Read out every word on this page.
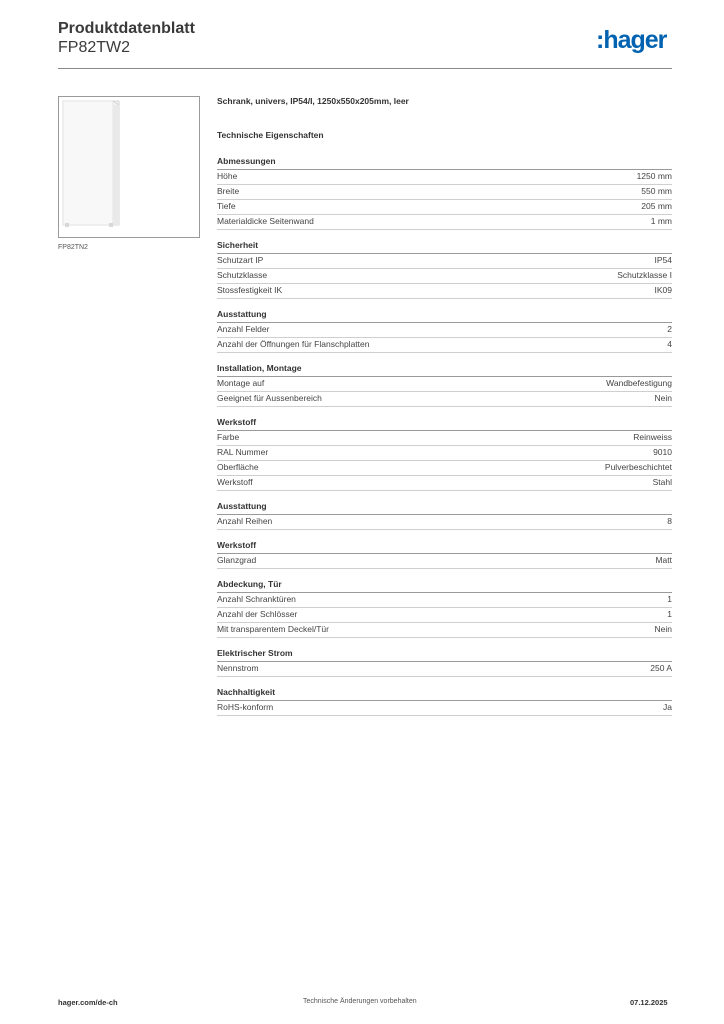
Produktdatenblatt
FP82TW2	:hager
FP82TN2
Schrank, univers, IP54/I, 1250x550x205mm, leer
Technische Eigenschaften
Abmessungen
Höhe	1250 mm
Breite	550 mm
Tiefe	205 mm
Materialdicke Seitenwand	1 mm
Sicherheit
Schutzart IP	IP54
Schutzklasse	Schutzklasse I
Stossfestigkeit IK	IK09
Ausstattung
Anzahl Felder	2
Anzahl der Öffnungen für Flanschplatten	4
Installation, Montage
Montage auf	Wandbefestigung
Geeignet für Aussenbereich	Nein
Werkstoff
Farbe	Reinweiss
RAL Nummer	9010
Oberfläche	Pulverbeschichtet
Werkstoff	Stahl
Ausstattung
Anzahl Reihen	8
Werkstoff
Glanzgrad	Matt
Abdeckung, Tür
Anzahl Schranktüren	1
Anzahl der Schlösser	1
Mit transparentem Deckel/Tür	Nein
Elektrischer Strom
Nennstrom	250 A
Nachhaltigkeit
RoHS-konform	Ja
hager.com/de-ch	Technische Änderungen vorbehalten	07.12.2025
